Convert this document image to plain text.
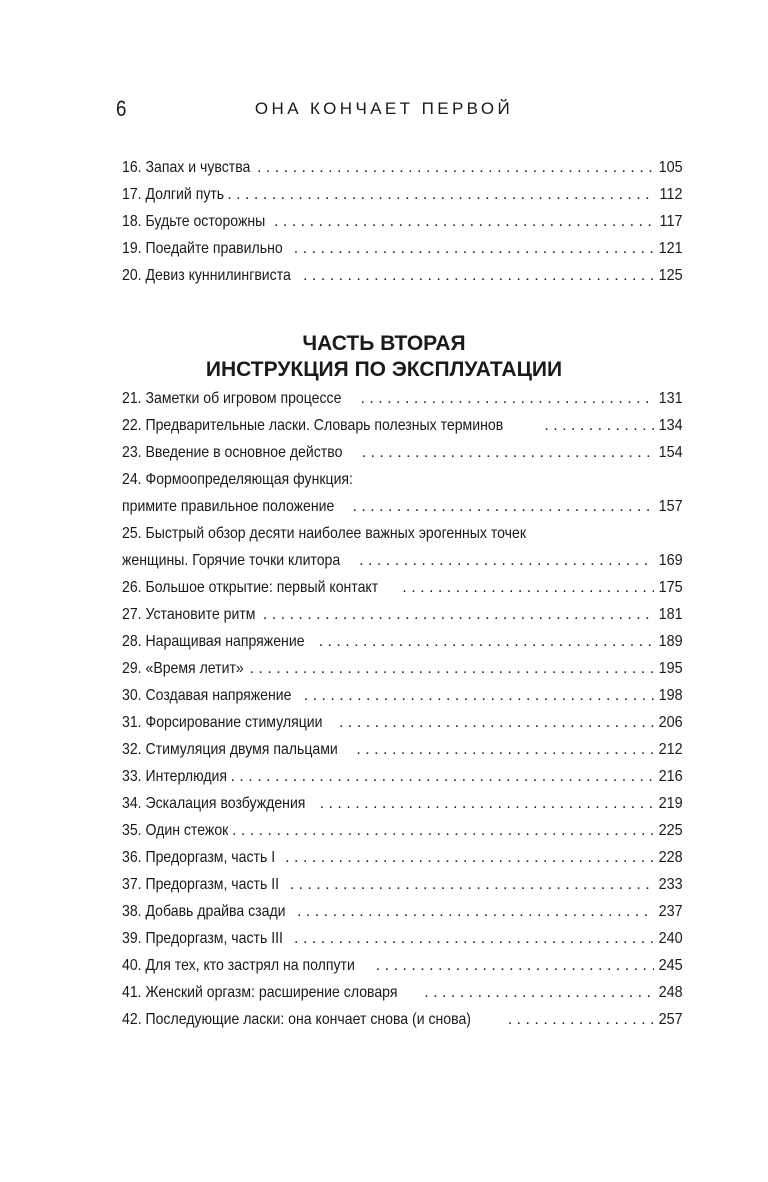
6	ОНА КОНЧАЕТ ПЕРВОЙ
16. Запах и чувства . . .	105
17. Долгий путь . . .	112
18. Будьте осторожны . . .	117
19. Поедайте правильно . . .	121
20. Девиз куннилингвиста . . .	125
ЧАСТЬ ВТОРАЯ
ИНСТРУКЦИЯ ПО ЭКСПЛУАТАЦИИ
21. Заметки об игровом процессе . . .	131
22. Предварительные ласки. Словарь полезных терминов . . .	134
23. Введение в основное действо . . .	154
24. Формоопределяющая функция:
примите правильное положение . . .	157
25. Быстрый обзор десяти наиболее важных эрогенных точек
женщины. Горячие точки клитора . . .	169
26. Большое открытие: первый контакт . . .	175
27. Установите ритм . . .	181
28. Наращивая напряжение . . .	189
29. «Время летит» . . .	195
30. Создавая напряжение . . .	198
31. Форсирование стимуляции . . .	206
32. Стимуляция двумя пальцами . . .	212
33. Интерлюдия . . .	216
34. Эскалация возбуждения . . .	219
35. Один стежок . . .	225
36. Предоргазм, часть I . . .	228
37. Предоргазм, часть II . . .	233
38. Добавь драйва сзади . . .	237
39. Предоргазм, часть III . . .	240
40. Для тех, кто застрял на полпути . . .	245
41. Женский оргазм: расширение словаря . . .	248
42. Последующие ласки: она кончает снова (и снова) . . .	257
